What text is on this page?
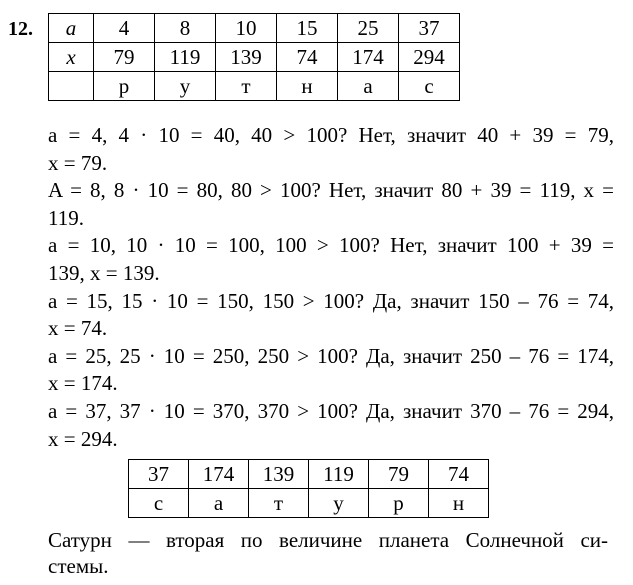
12. a	4	8	10	15	25	37
x	79	119	139	74	174	294
	р	у	т	н	а	с
a = 4, 4 · 10 = 40, 40 > 100? Нет, значит 40 + 39 = 79,
x = 79.
A = 8, 8 · 10 = 80, 80 > 100? Нет, значит 80 + 39 = 119, x =
119.
a = 10, 10 · 10 = 100, 100 > 100? Нет, значит 100 + 39 =
139, x = 139.
a = 15, 15 · 10 = 150, 150 > 100? Да, значит 150 – 76 = 74,
x = 74.
a = 25, 25 · 10 = 250, 250 > 100? Да, значит 250 – 76 = 174,
x = 174.
a = 37, 37 · 10 = 370, 370 > 100? Да, значит 370 – 76 = 294,
x = 294.
37	174	139	119	79	74
с	а	т	у	р	н
Сатурн — вторая по величине планета Солнечной си-
стемы.
